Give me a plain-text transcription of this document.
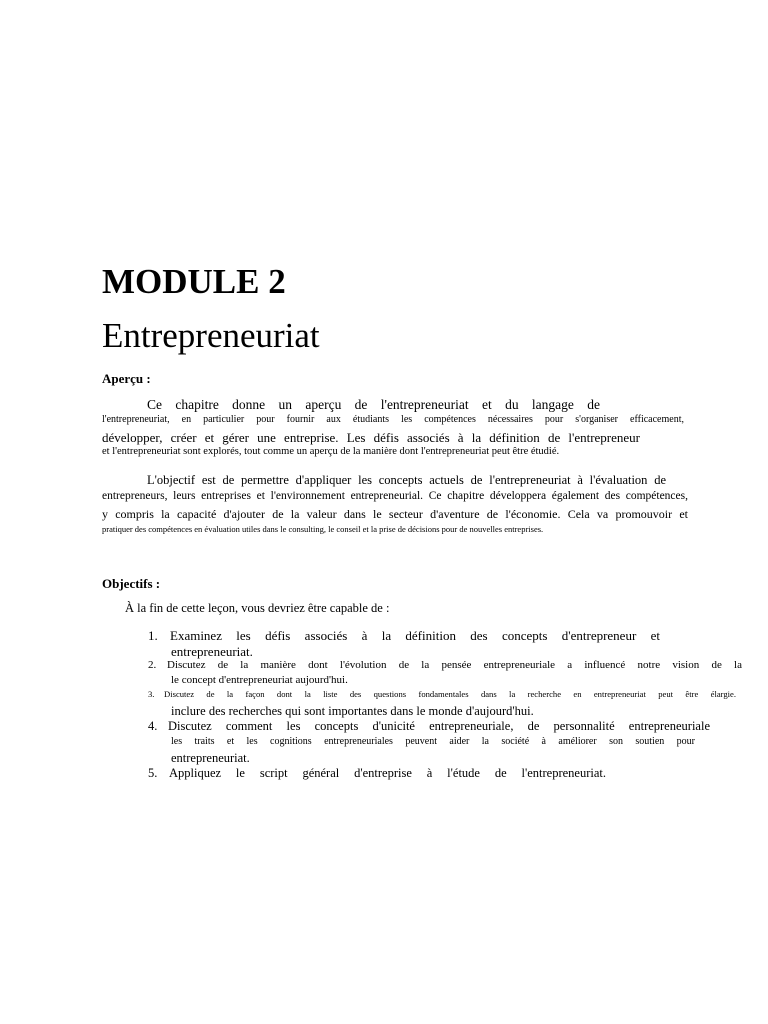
MODULE 2
Entrepreneuriat
Aperçu :
Ce chapitre donne un aperçu de l'entrepreneuriat et du langage de
l'entrepreneuriat, en particulier pour fournir aux étudiants les compétences nécessaires pour s'organiser efficacement,
développer, créer et gérer une entreprise. Les défis associés à la définition de l'entrepreneur
et l'entrepreneuriat sont explorés, tout comme un aperçu de la manière dont l'entrepreneuriat peut être étudié.
L'objectif est de permettre d'appliquer les concepts actuels de l'entrepreneuriat à l'évaluation de
entrepreneurs, leurs entreprises et l'environnement entrepreneurial. Ce chapitre développera également des compétences,
y compris la capacité d'ajouter de la valeur dans le secteur d'aventure de l'économie. Cela va promouvoir et
pratiquer des compétences en évaluation utiles dans le consulting, le conseil et la prise de décisions pour de nouvelles entreprises.
Objectifs :
À la fin de cette leçon, vous devriez être capable de :
1. Examinez les défis associés à la définition des concepts d'entrepreneur et
entrepreneuriat.
2. Discutez de la manière dont l'évolution de la pensée entrepreneuriale a influencé notre vision de la
le concept d'entrepreneuriat aujourd'hui.
3. Discutez de la façon dont la liste des questions fondamentales dans la recherche en entrepreneuriat peut être élargie.
inclure des recherches qui sont importantes dans le monde d'aujourd'hui.
4. Discutez comment les concepts d'unicité entrepreneuriale, de personnalité entrepreneuriale
les traits et les cognitions entrepreneuriales peuvent aider la société à améliorer son soutien pour
entrepreneuriat.
5. Appliquez le script général d'entreprise à l'étude de l'entrepreneuriat.
